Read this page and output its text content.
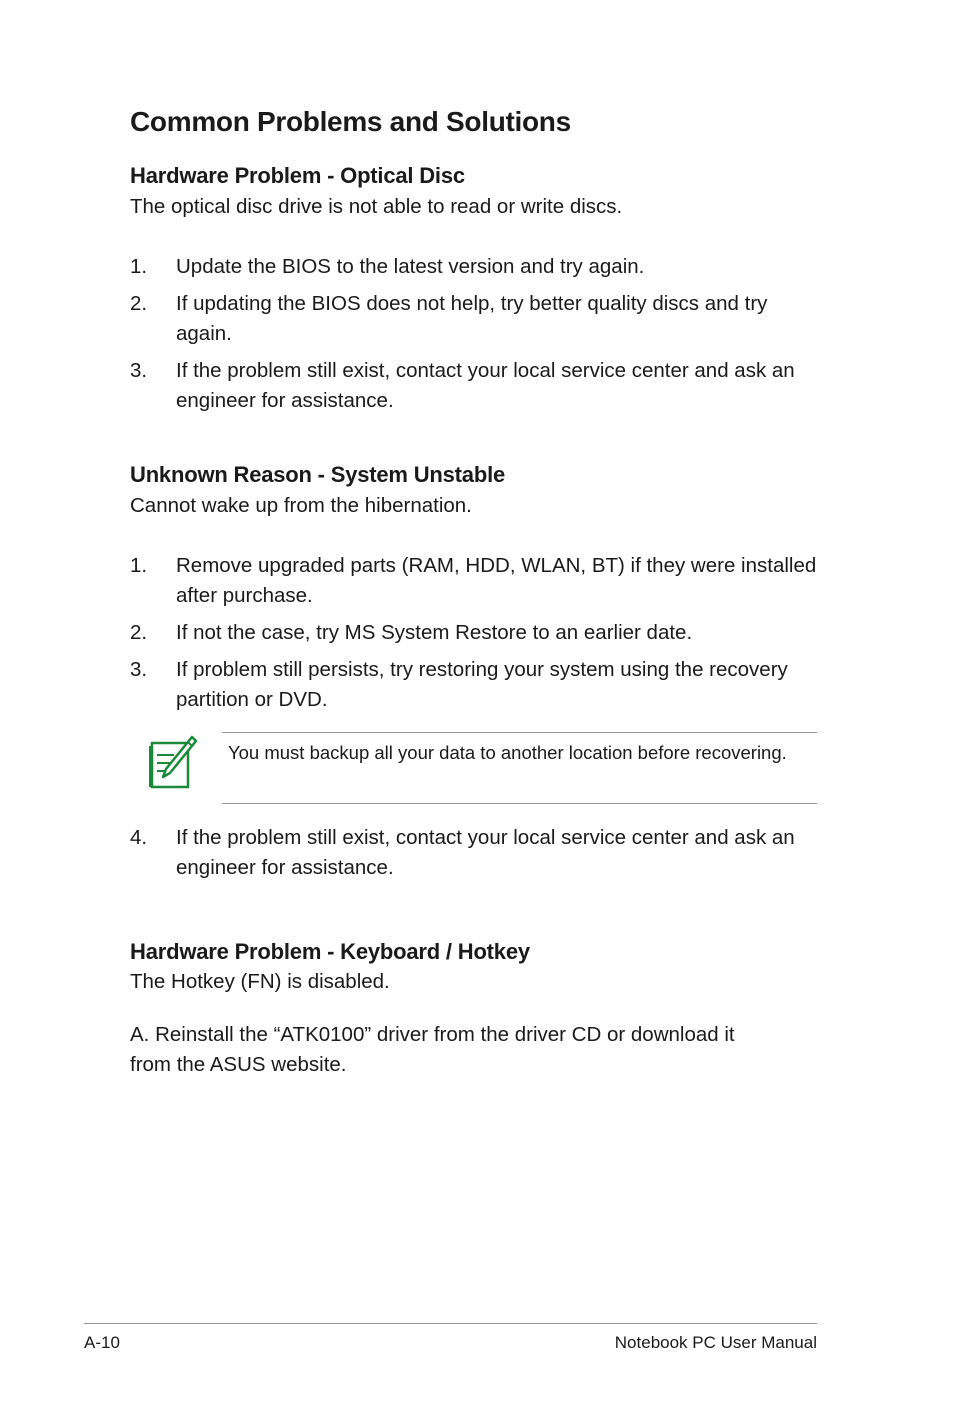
Common Problems and Solutions
Hardware Problem - Optical Disc
The optical disc drive is not able to read or write discs.
1. Update the BIOS to the latest version and try again.
2. If updating the BIOS does not help, try better quality discs and try again.
3. If the problem still exist, contact your local service center and ask an engineer for assistance.
Unknown Reason - System Unstable
Cannot wake up from the hibernation.
1. Remove upgraded parts (RAM, HDD, WLAN, BT) if they were installed after purchase.
2. If not the case, try MS System Restore to an earlier date.
3. If problem still persists, try restoring your system using the recovery partition or DVD.
You must backup all your data to another location before recovering.
4. If the problem still exist, contact your local service center and ask an engineer for assistance.
Hardware Problem - Keyboard / Hotkey
The Hotkey (FN) is disabled.
A. Reinstall the “ATK0100” driver from the driver CD or download it
from the ASUS website.
A-10	Notebook PC User Manual
